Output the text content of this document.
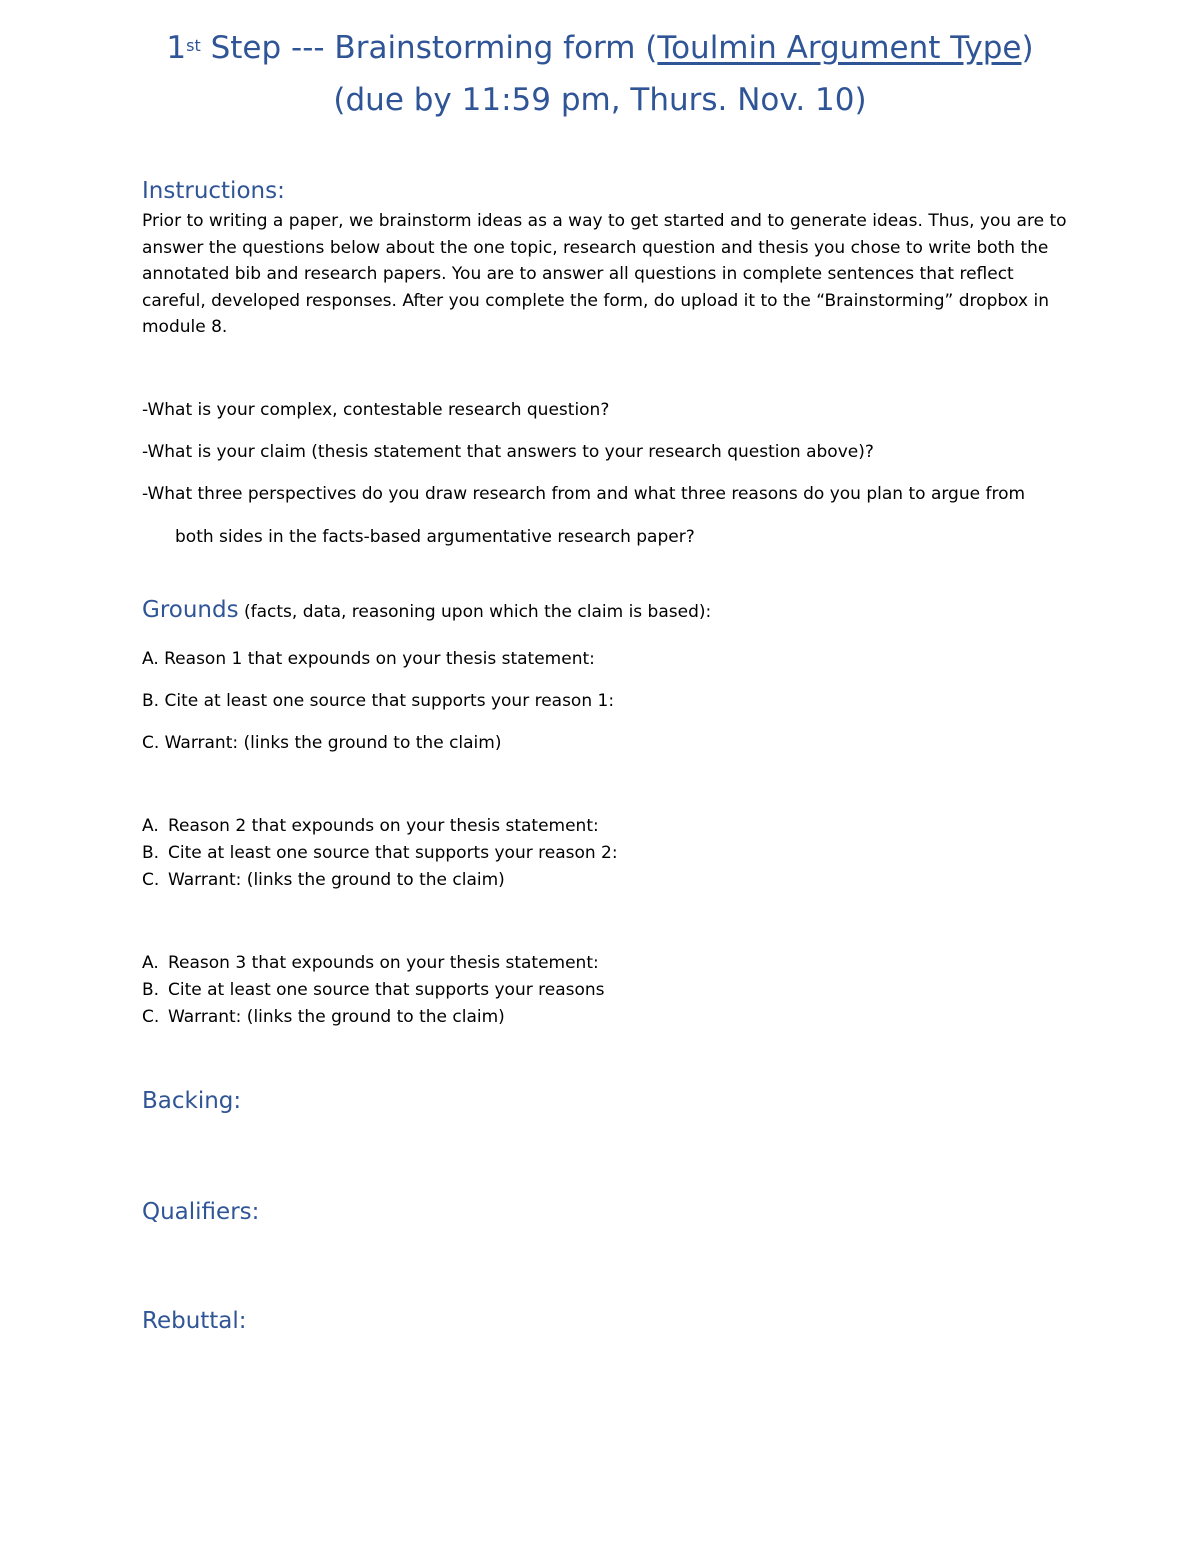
1st Step --- Brainstorming form (Toulmin Argument Type)
(due by 11:59 pm, Thurs. Nov. 10)
Instructions:
Prior to writing a paper, we brainstorm ideas as a way to get started and to generate ideas. Thus, you are to answer the questions below about the one topic, research question and thesis you chose to write both the annotated bib and research papers. You are to answer all questions in complete sentences that reflect careful, developed responses. After you complete the form, do upload it to the “Brainstorming” dropbox in module 8.
-What is your complex, contestable research question?
-What is your claim (thesis statement that answers to your research question above)?
-What three perspectives do you draw research from and what three reasons do you plan to argue from
both sides in the facts-based argumentative research paper?
Grounds (facts, data, reasoning upon which the claim is based):
A. Reason 1 that expounds on your thesis statement:
B. Cite at least one source that supports your reason 1:
C. Warrant: (links the ground to the claim)
A. Reason 2 that expounds on your thesis statement:
B. Cite at least one source that supports your reason 2:
C. Warrant: (links the ground to the claim)
A. Reason 3 that expounds on your thesis statement:
B. Cite at least one source that supports your reasons
C. Warrant: (links the ground to the claim)
Backing:
Qualifiers:
Rebuttal:
